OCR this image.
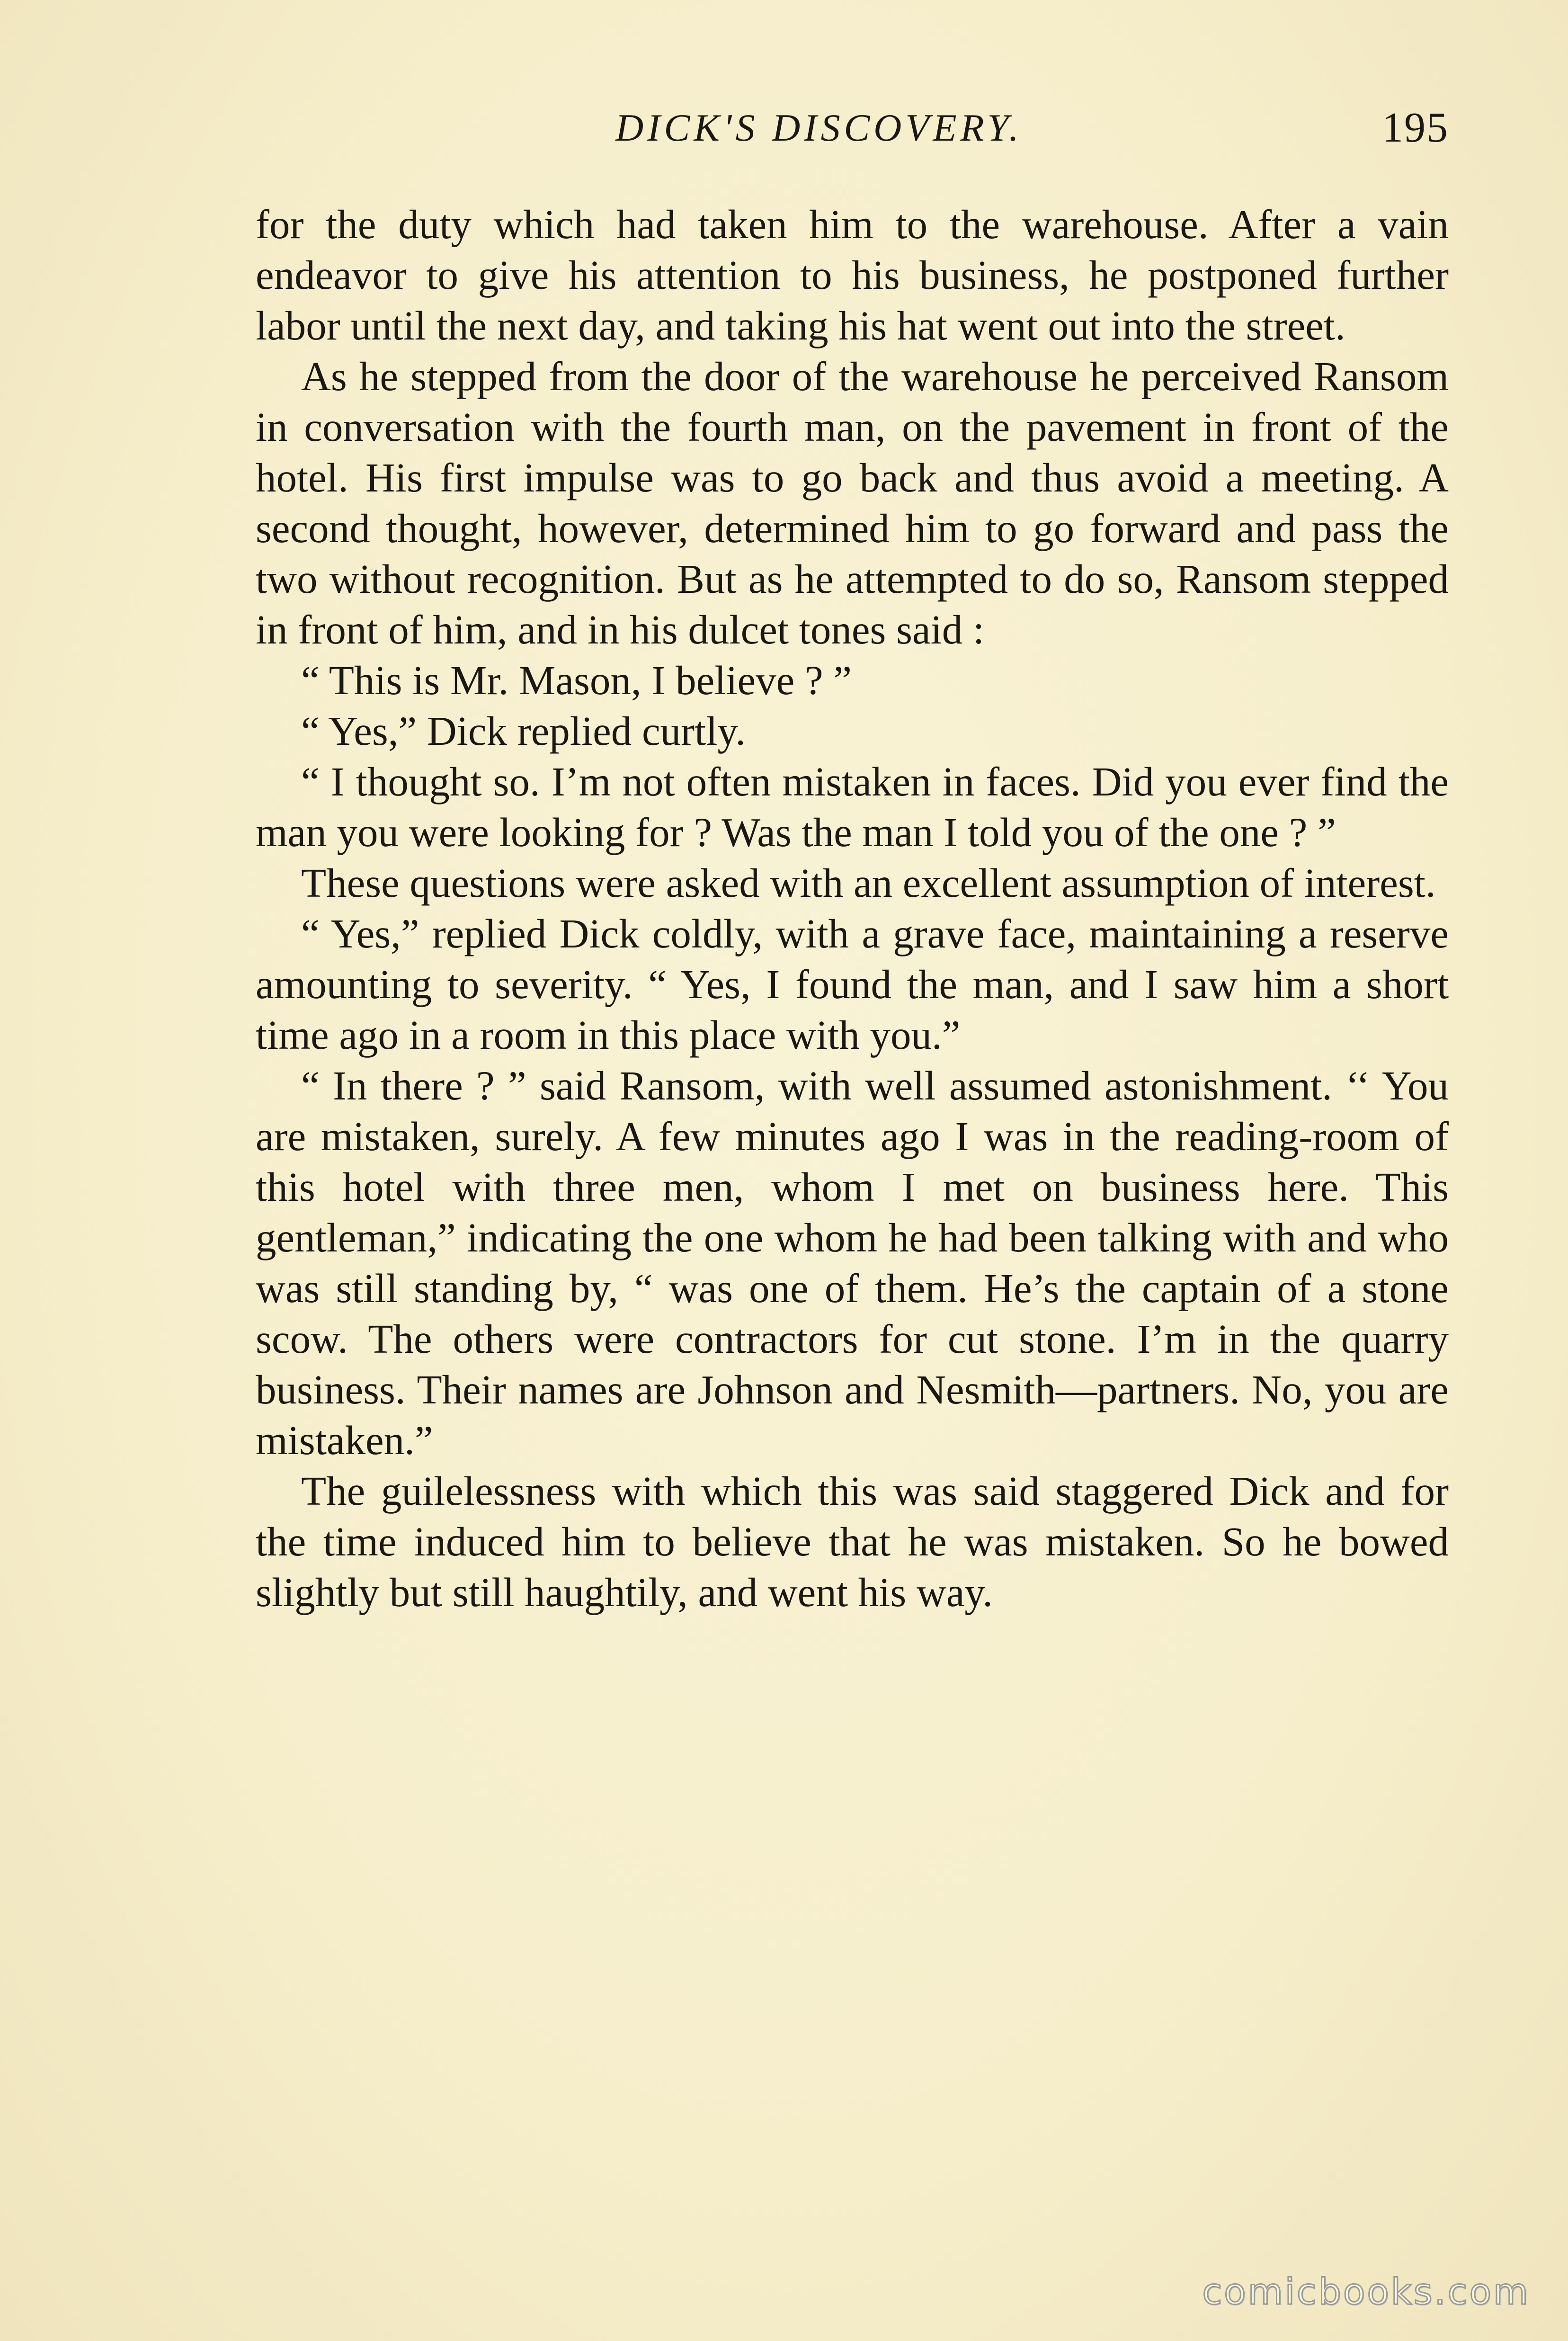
DICK'S DISCOVERY.	195

for the duty which had taken him to the warehouse. After a vain endeavor to give his attention to his business, he postponed further labor until the next day, and taking his hat went out into the street.

As he stepped from the door of the warehouse he perceived Ransom in conversation with the fourth man, on the pavement in front of the hotel. His first impulse was to go back and thus avoid a meeting. A second thought, however, determined him to go forward and pass the two without recognition. But as he attempted to do so, Ransom stepped in front of him, and in his dulcet tones said :

“ This is Mr. Mason, I believe ? ”

“ Yes,” Dick replied curtly.

“ I thought so. I’m not often mistaken in faces. Did you ever find the man you were looking for ? Was the man I told you of the one ? ”

These questions were asked with an excellent assumption of interest.

“ Yes,” replied Dick coldly, with a grave face, maintaining a reserve amounting to severity. “ Yes, I found the man, and I saw him a short time ago in a room in this place with you.”

“ In there ? ” said Ransom, with well assumed astonishment. ‘‘ You are mistaken, surely. A few minutes ago I was in the reading-room of this hotel with three men, whom I met on business here. This gentleman,” indicating the one whom he had been talking with and who was still standing by, “ was one of them. He’s the captain of a stone scow. The others were contractors for cut stone. I’m in the quarry business. Their names are Johnson and Nesmith—partners. No, you are mistaken.”

The guilelessness with which this was said staggered Dick and for the time induced him to believe that he was mistaken. So he bowed slightly but still haughtily, and went his way.

comicbooks.com
